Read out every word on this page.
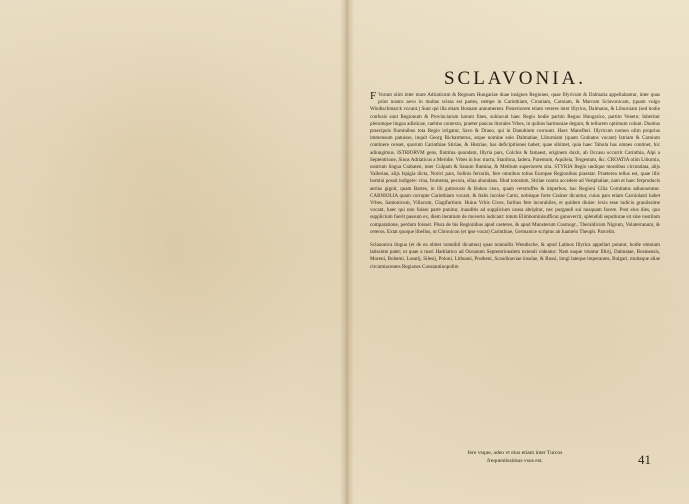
SCLAVONIA.

F Vorunt olim inter mare Adriaticum & Regnum Hungariae duae insignes Regiones, quae Illyricum & Dalmatia appellabantur, inter quas prior nostro aevo in multas scissa est partes, nempe in Carinthiam, Croatiam, Carniam, & Marcam Sclavonicam, (quam vulgo Windischmarck vocant.) Sunt qui illa etiam Bosnam annumerent. Posteriorem etiam veteres inter Illyrios, Dalmatas, & Liburniam (sed hodie confusis sunt Regionum & Provinciarum harum fines, subiacuit haec Regio hodie partim Regno Hungarico, partim Veneto; Iuberitur plerumque lingua adisticae, caelmo contexto, praeter paucas litorales Vrbes, in quibus harmoniae degunt, & tellurem optimum colunt. Duobus praecipuis fluminibus tota Regio irrigatur, Savo & Drano, qui in Danubium corruunt. Haec Mansfleri. Illyricum nomen olim proprius immensum patuisse, inquit Georg Richarmerus, atque nomine solo Dalmatiae, Liburniam (quam Grabatos vocant) Istriam & Carnium continere censet, quorum Carinthiae Stiriae, & Histriae, has deficipitiones habet; quae sibimet, quia haec Tabula has omnes continet, hic adiungimus. ISTRIORVM gens, finitima quondam, Illyria pars, Colchis & famaest, originem duxit, ab Occasu occurrit Carinthia, Alpi a Septentrione, Sinus Adriaticus a Meridie. Vrbes in hoc tractu, Stanfona, Iadera, Parentum, Aquileia, Tergestum, &c. CROATIA olim Liburnia, nostrum lingua Crabaten, inter Culpam & Sauum flumina, & Metlium superiorem sita. STYRIA Regio undique montibus circundata, alijs Valleriae, alijs Ispigia dicta, Norici pars, fodinis ferrariis, fere omnibus totius Europae Regionibus praestat. Praeterea tellus est, quae illic homini possit indigere: vina, frumenta, pecora, silua abundans. Illud totostum, Stiriae contra accedere ad Vestphaliae, nam et haec ferproducis aerius gignit, quam Batres, in illi gutturosis & Buhos ceux, quam verstruffes & imperbos, hac Regioni Cilia Comitatus adiunxeratur. CARNIOLIA quam corrupte Carinthiam vocant, & Italis incolae Carni, nobisque forte Crainer dicuntur, cuius pars etiam Carniolasti habet Vrbes, Santonicum, Villacum, Clagifurtium. Huius Vrbis Cives, furibus fere incorabiles, et quidem diuise: lexis esse iudicio grauiissime vocant, haec qui non fuisse patre punitur, inauditis ad supplicium causa abripitur, nec purgandi sui nusquam facere. Post eius dies, quo supplicium fuerit passum ex, diem iteratium de moverto iudicant: totum Elimbominisufficut gunoverrit, splendidi sepulturae sit sine nostilum comparatione, perdum foisset. Plura de his Regionibus apud caeteres, & apud Munsterum Cosmogr., Theraldicum Nigrum, Volaterranum, & ceteros. Extat quoque libellus, ut Chronicon (et ipse vocat) Carinthiae, Germanice scriptus ab Iuamelo Theoph. Parcello.

Sclauonica lingua (et de ea obiter nonnihil dicamus) quae nonnullis Wendische, & apud Latinos Illyrica appellari putatur, hodie omnium latissime patet; ut quae a mari Hadriatico ad Oceanum Septentrionalem extendi videatur: Nam eaque vtuntur Illirij, Dalmatae, Bosinensis, Moreni, Bohemi, Lusatij, Silesij, Poloni, Lithuani, Prutheni, Scandinaviae insulae, & Russi, longi lateque imperantes, Bulgari, multaque aliae circumiacentes Regiones Constantinopolim

fere vsque, adeo vt eius etiam inter Turcos
frequentissimus vsus est.	41
